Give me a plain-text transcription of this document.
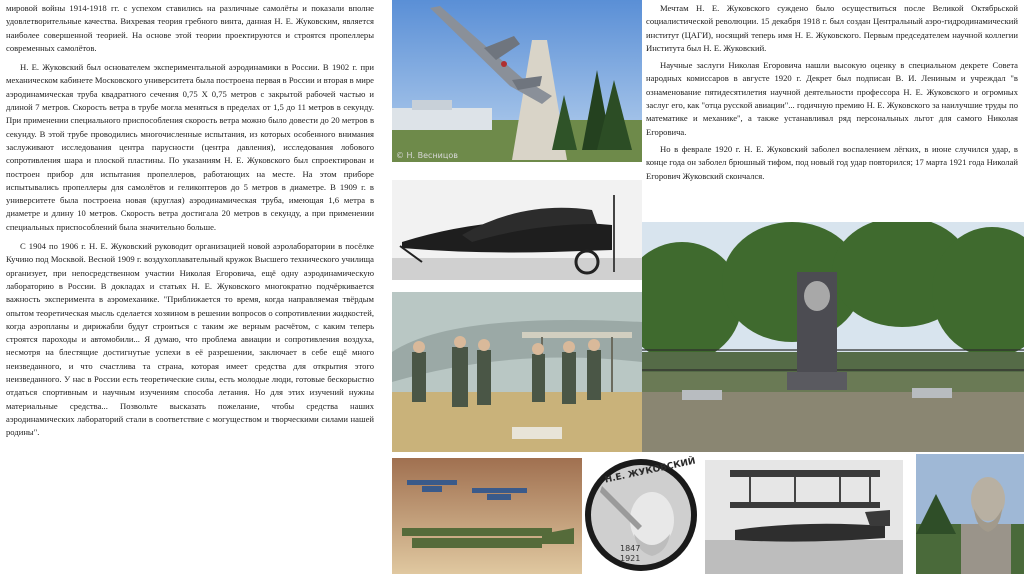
мировой войны 1914-1918 гг. с успехом ставились на различные самолёты и показали вполне удовлетворительные качества. Вихревая теория гребного винта, данная Н. Е. Жуковским, является наиболее совершенной теорией. На основе этой теории проектируются и строятся пропеллеры современных самолётов.

Н. Е. Жуковский был основателем экспериментальной аэродинамики в России. В 1902 г. при механическом кабинете Московского университета была построена первая в России и вторая в мире аэродинамическая труба квадратного сечения 0,75 Х 0,75 метров с закрытой рабочей частью и длиной 7 метров. Скорость ветра в трубе могла меняться в пределах от 1,5 до 11 метров в секунду. При применении специального приспособления скорость ветра можно было довести до 20 метров в секунду. В этой трубе проводились многочисленные испытания, из которых особенного внимания заслуживают исследования центра парусности (центра давления), исследования лобового сопротивления шара и плоской пластины. По указаниям Н. Е. Жуковского был спроектирован и построен прибор для испытания пропеллеров, работающих на месте. На этом приборе испытывались пропеллеры для самолётов и геликоптеров до 5 метров в диаметре. В 1909 г. в университете была построена новая (круглая) аэродинамическая труба, имеющая 1,6 метра в диаметре и длину 10 метров. Скорость ветра достигала 20 метров в секунду, а при применении специальных приспособлений была значительно больше.

С 1904 по 1906 г. Н. Е. Жуковский руководит организацией новой аэролаборатории в посёлке Кучино под Москвой. Весной 1909 г. воздухоплавательный кружок Высшего технического училища организует, при непосредственном участии Николая Егоровича, ещё одну аэродинамическую лабораторию в России. В докладах и статьях Н. Е. Жуковского многократно подчёркивается важность эксперимента в аэромеханике. "Приближается то время, когда направляемая твёрдым опытом теоретическая мысль сделается хозяином в решении вопросов о сопротивлении жидкостей, когда аэропланы и дирижабли будут строиться с таким же верным расчётом, с каким теперь строятся пароходы и автомобили... Я думаю, что проблема авиации и сопротивления воздуха, несмотря на блестящие достигнутые успехи в её разрешении, заключает в себе ещё много неизведанного, и что счастлива та страна, которая имеет средства для открытия этого неизведанного. У нас в России есть теоретические силы, есть молодые люди, готовые бескорыстно отдаться спортивным и научным изучениям способа летания. Но для этих изучений нужны материальные средства... Позвольте высказать пожелание, чтобы средства наших аэродинамических лабораторий стали в соответствие с могуществом и творческими силами нашей родины".

© Н. Весницов
Н.Е. ЖУКОВСКИЙ
1847
1921

Мечтам Н. Е. Жуковского суждено было осуществиться после Великой Октябрьской социалистической революции. 15 декабря 1918 г. был создан Центральный аэро-гидродинамический институт (ЦАГИ), носящий теперь имя Н. Е. Жуковского. Первым председателем научной коллегии Института был Н. Е. Жуковский.

Научные заслуги Николая Егоровича нашли высокую оценку в специальном декрете Совета народных комиссаров в августе 1920 г. Декрет был подписан В. И. Лениным и учреждал "в ознаменование пятидесятилетия научной деятельности профессора Н. Е. Жуковского и огромных заслуг его, как "отца русской авиации"... годичную премию Н. Е. Жуковского за наилучшие труды по математике и механике", а также устанавливал ряд персональных льгот для самого Николая Егоровича.

Но в феврале 1920 г. Н. Е. Жуковский заболел воспалением лёгких, в июне случился удар, в конце года он заболел брюшный тифом, под новый год удар повторился; 17 марта 1921 года Николай Егорович Жуковский скончался.
